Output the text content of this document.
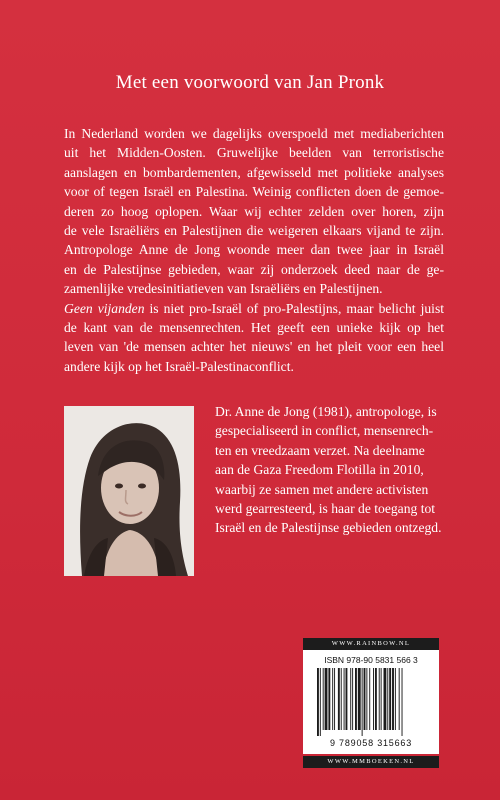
Met een voorwoord van Jan Pronk
In Nederland worden we dagelijks overspoeld met mediaberichten
uit het Midden-Oosten. Gruwelijke beelden van terroristische
aanslagen en bombardementen, afgewisseld met politieke analyses
voor of tegen Israël en Palestina. Weinig conflicten doen de gemoe-
deren zo hoog oplopen. Waar wij echter zelden over horen, zijn
de vele Israëliërs en Palestijnen die weigeren elkaars vijand te zijn.
Antropologe Anne de Jong woonde meer dan twee jaar in Israël
en de Palestijnse gebieden, waar zij onderzoek deed naar de ge-
zamenlijke vredesinitiatieven van Israëliërs en Palestijnen.
Geen vijanden is niet pro-Israël of pro-Palestijns, maar belicht juist
de kant van de mensenrechten. Het geeft een unieke kijk op het
leven van 'de mensen achter het nieuws' en het pleit voor een heel
andere kijk op het Israël-Palestinaconflict.
Dr. Anne de Jong (1981), antropologe, is
gespecialiseerd in conflict, mensenrech-
ten en vreedzaam verzet. Na deelname
aan de Gaza Freedom Flotilla in 2010,
waarbij ze samen met andere activisten
werd gearresteerd, is haar de toegang tot
Israël en de Palestijnse gebieden ontzegd.
WWW.RAINBOW.NL
ISBN 978-90 5831 566 3
9 789058 315663
WWW.MMBOEKEN.NL
